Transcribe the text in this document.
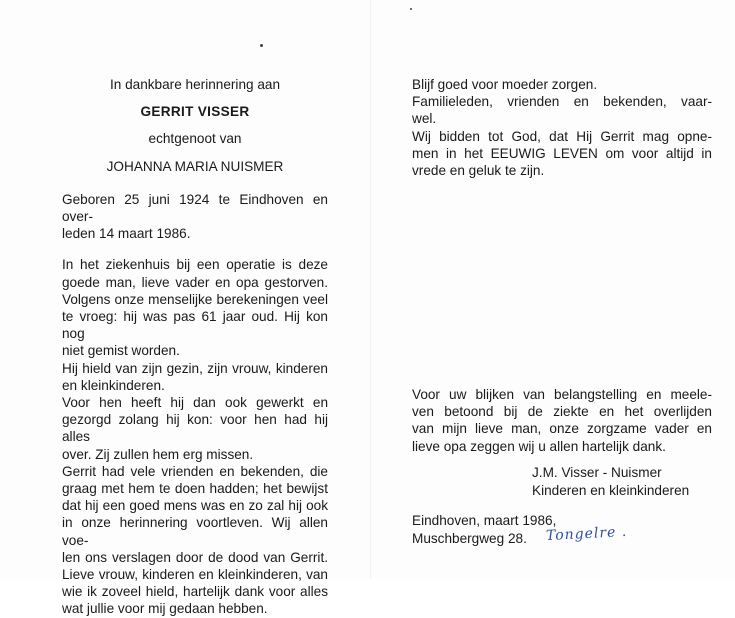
In dankbare herinnering aan
GERRIT VISSER
echtgenoot van
JOHANNA MARIA NUISMER
Geboren 25 juni 1924 te Eindhoven en over-
leden 14 maart 1986.
In het ziekenhuis bij een operatie is deze
goede man, lieve vader en opa gestorven.
Volgens onze menselijke berekeningen veel
te vroeg: hij was pas 61 jaar oud. Hij kon nog
niet gemist worden.
Hij hield van zijn gezin, zijn vrouw, kinderen
en kleinkinderen.
Voor hen heeft hij dan ook gewerkt en
gezorgd zolang hij kon: voor hen had hij alles
over. Zij zullen hem erg missen.
Gerrit had vele vrienden en bekenden, die
graag met hem te doen hadden; het bewijst
dat hij een goed mens was en zo zal hij ook
in onze herinnering voortleven. Wij allen voe-
len ons verslagen door de dood van Gerrit.
Lieve vrouw, kinderen en kleinkinderen, van
wie ik zoveel hield, hartelijk dank voor alles
wat jullie voor mij gedaan hebben.
Blijf goed voor moeder zorgen.
Familieleden, vrienden en bekenden, vaar-
wel.
Wij bidden tot God, dat Hij Gerrit mag opne-
men in het EEUWIG LEVEN om voor altijd in
vrede en geluk te zijn.
Voor uw blijken van belangstelling en meele-
ven betoond bij de ziekte en het overlijden
van mijn lieve man, onze zorgzame vader en
lieve opa zeggen wij u allen hartelijk dank.
J.M. Visser - Nuismer
Kinderen en kleinkinderen
Eindhoven, maart 1986,
Muschbergweg 28.	Tongelre .
